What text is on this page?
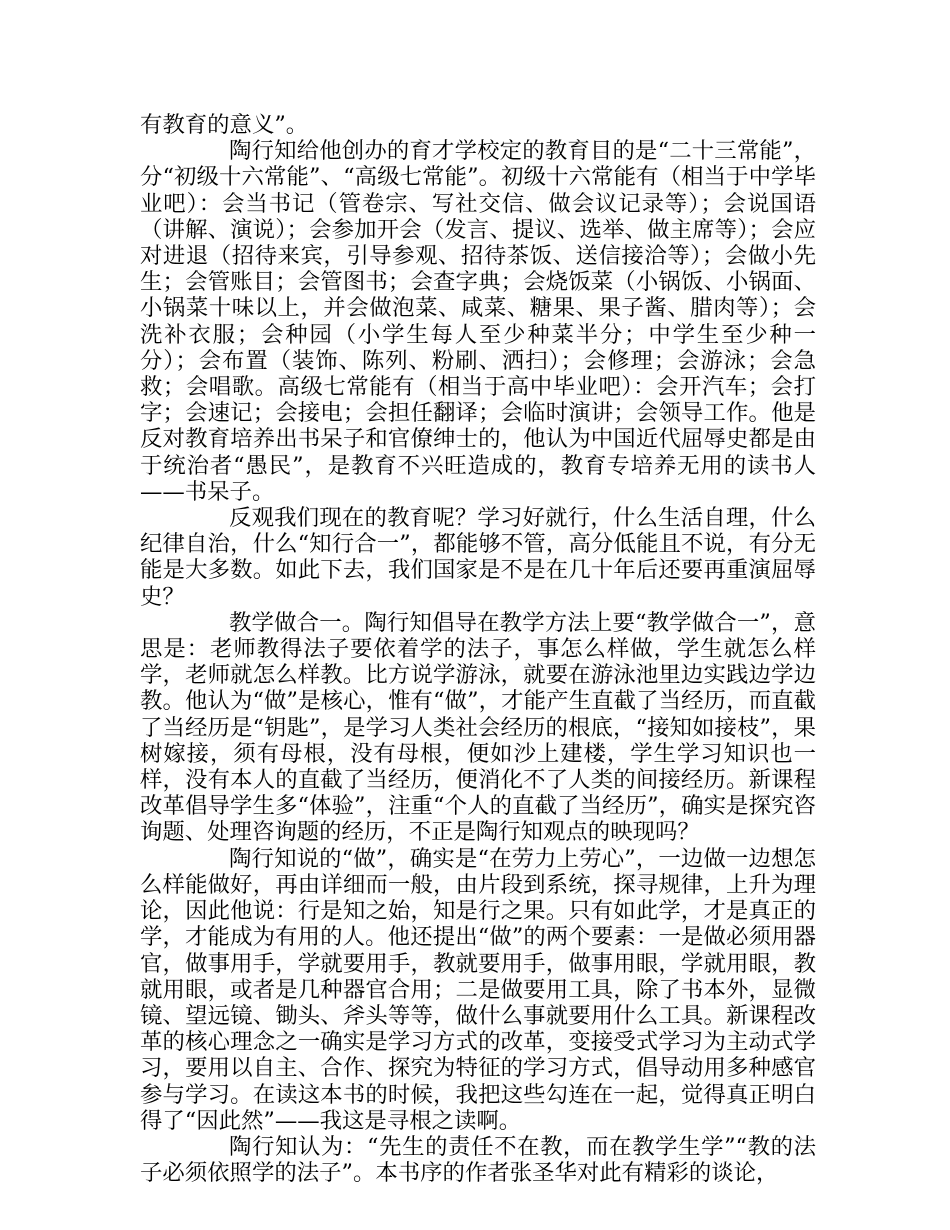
有教育的意义”。

陶行知给他创办的育才学校定的教育目的是“二十三常能”，分“初级十六常能”、“高级七常能”。初级十六常能有（相当于中学毕业吧）：会当书记（管卷宗、写社交信、做会议记录等）；会说国语（讲解、演说）；会参加开会（发言、提议、选举、做主席等）；会应对进退（招待来宾，引导参观、招待茶饭、送信接洽等）；会做小先生；会管账目；会管图书；会查字典；会烧饭菜（小锅饭、小锅面、小锅菜十味以上，并会做泡菜、咸菜、糖果、果子酱、腊肉等）；会洗补衣服；会种园（小学生每人至少种菜半分；中学生至少种一分）；会布置（装饰、陈列、粉刷、洒扫）；会修理；会游泳；会急救；会唱歌。高级七常能有（相当于高中毕业吧）：会开汽车；会打字；会速记；会接电；会担任翻译；会临时演讲；会领导工作。他是反对教育培养出书呆子和官僚绅士的，他认为中国近代屈辱史都是由于统治者“愚民”，是教育不兴旺造成的，教育专培养无用的读书人——书呆子。

反观我们现在的教育呢？学习好就行，什么生活自理，什么纪律自治，什么“知行合一”，都能够不管，高分低能且不说，有分无能是大多数。如此下去，我们国家是不是在几十年后还要再重演屈辱史？

教学做合一。陶行知倡导在教学方法上要“教学做合一”，意思是：老师教得法子要依着学的法子，事怎么样做，学生就怎么样学，老师就怎么样教。比方说学游泳，就要在游泳池里边实践边学边教。他认为“做”是核心，惟有“做”，才能产生直截了当经历，而直截了当经历是“钥匙”，是学习人类社会经历的根底，“接知如接枝”，果树嫁接，须有母根，没有母根，便如沙上建楼，学生学习知识也一样，没有本人的直截了当经历，便消化不了人类的间接经历。新课程改革倡导学生多“体验”，注重“个人的直截了当经历”，确实是探究咨询题、处理咨询题的经历，不正是陶行知观点的映现吗？

陶行知说的“做”，确实是“在劳力上劳心”，一边做一边想怎么样能做好，再由详细而一般，由片段到系统，探寻规律，上升为理论，因此他说：行是知之始，知是行之果。只有如此学，才是真正的学，才能成为有用的人。他还提出“做”的两个要素：一是做必须用器官，做事用手，学就要用手，教就要用手，做事用眼，学就用眼，教就用眼，或者是几种器官合用；二是做要用工具，除了书本外，显微镜、望远镜、锄头、斧头等等，做什么事就要用什么工具。新课程改革的核心理念之一确实是学习方式的改革，变接受式学习为主动式学习，要用以自主、合作、探究为特征的学习方式，倡导动用多种感官参与学习。在读这本书的时候，我把这些勾连在一起，觉得真正明白得了“因此然”——我这是寻根之读啊。

陶行知认为：“先生的责任不在教，而在教学生学”“教的法子必须依照学的法子”。本书序的作者张圣华对此有精彩的谈论，
